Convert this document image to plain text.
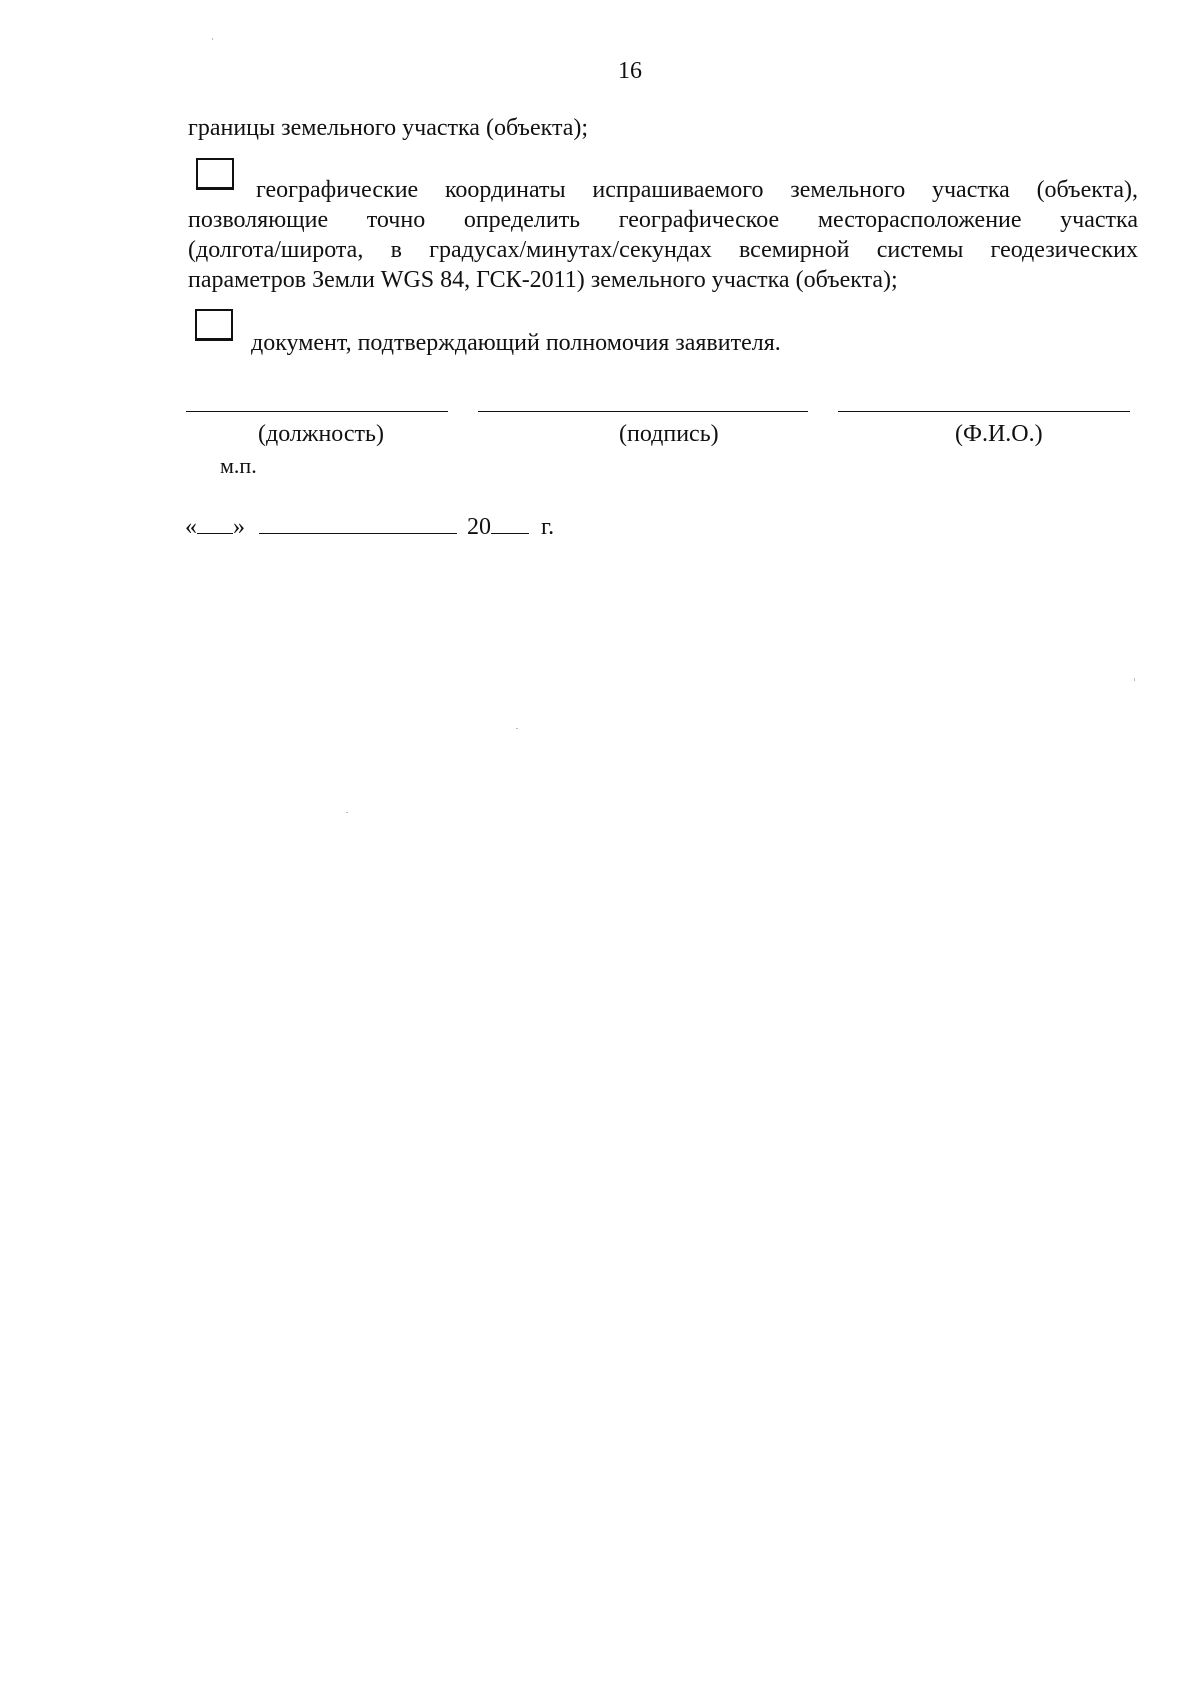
16
границы земельного участка (объекта);
географические координаты испрашиваемого земельного участка (объекта),
позволяющие точно определить географическое месторасположение участка
(долгота/широта, в градусах/минутах/секундах всемирной системы геодезических
параметров Земли WGS 84, ГСК-2011) земельного участка (объекта);
документ, подтверждающий полномочия заявителя.
(должность)	(подпись)	(Ф.И.О.)
м.п.
« »	20 г.
